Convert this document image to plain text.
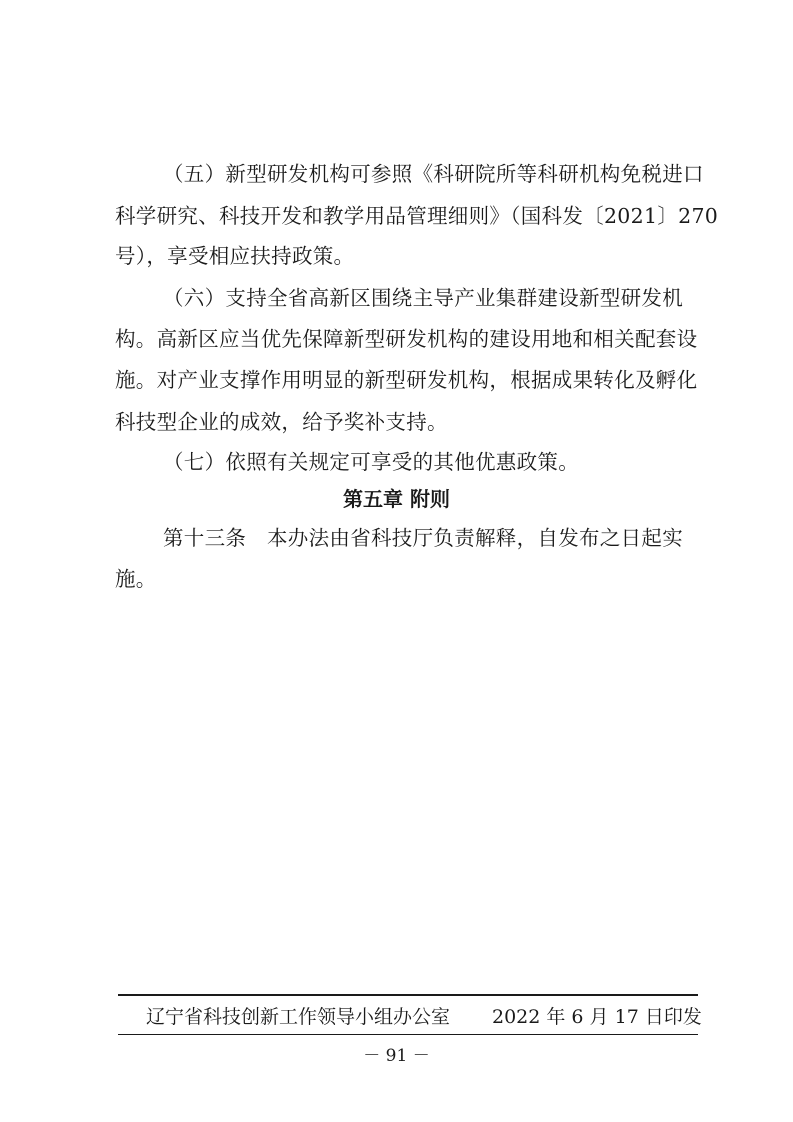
（五）新型研发机构可参照《科研院所等科研机构免税进口
科学研究、科技开发和教学用品管理细则》（国科发〔2021〕270
号），享受相应扶持政策。
（六）支持全省高新区围绕主导产业集群建设新型研发机
构。高新区应当优先保障新型研发机构的建设用地和相关配套设
施。对产业支撑作用明显的新型研发机构，根据成果转化及孵化
科技型企业的成效，给予奖补支持。
（七）依照有关规定可享受的其他优惠政策。
第五章 附则
第十三条　本办法由省科技厅负责解释，自发布之日起实
施。
辽宁省科技创新工作领导小组办公室 2022 年 6 月 17 日印发
－ 91 －
